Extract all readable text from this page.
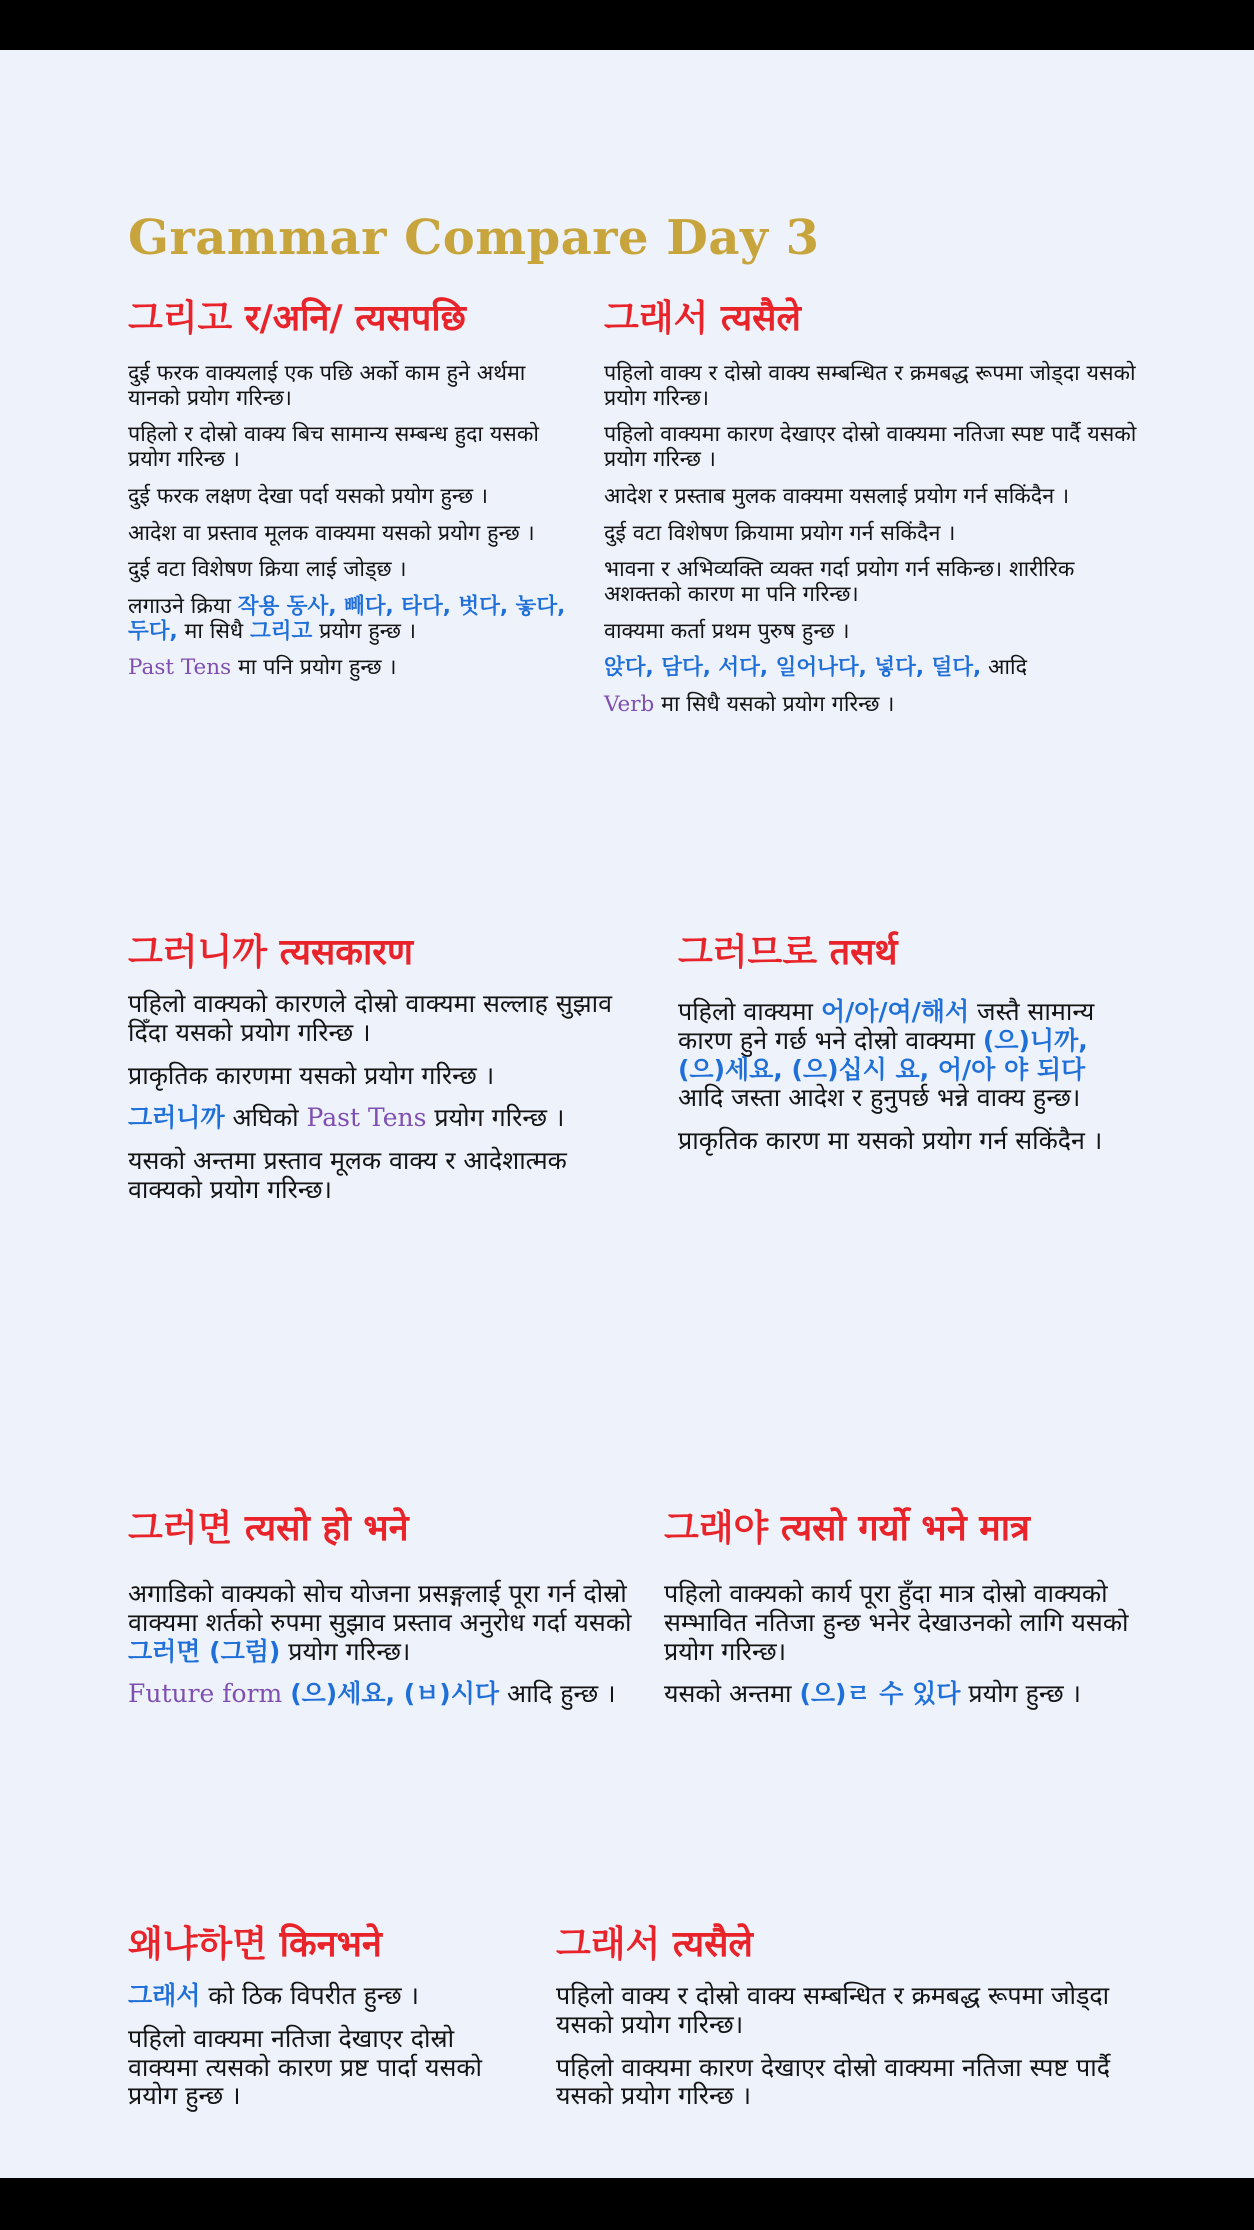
Grammar Compare Day 3
그리고 र/अनि/ त्यसपछि	그래서 त्यसैले

दुई फरक वाक्यलाई एक पछि अर्को काम हुने अर्थमा यानको प्रयोग गरिन्छ।

पहिलो र दोस्रो वाक्य बिच सामान्य सम्बन्ध हुदा यसको प्रयोग गरिन्छ ।

दुई फरक लक्षण देखा पर्दा यसको प्रयोग हुन्छ ।

आदेश वा प्रस्ताव मूलक वाक्यमा यसको प्रयोग हुन्छ ।

दुई वटा विशेषण क्रिया लाई जोड्छ ।

लगाउने क्रिया 작용 동사, 빼다, 타다, 벗다, 놓다, 두다, मा सिधै 그리고 प्रयोग हुन्छ ।

Past Tens मा पनि प्रयोग हुन्छ ।

पहिलो वाक्य र दोस्रो वाक्य सम्बन्धित र क्रमबद्ध रूपमा जोड्दा यसको प्रयोग गरिन्छ।

पहिलो वाक्यमा कारण देखाएर दोस्रो वाक्यमा नतिजा स्पष्ट पार्दै यसको प्रयोग गरिन्छ ।

आदेश र प्रस्ताब मुलक वाक्यमा यसलाई प्रयोग गर्न सकिंदैन ।

दुई वटा विशेषण क्रियामा प्रयोग गर्न सकिंदैन ।

भावना र अभिव्यक्ति व्यक्त गर्दा प्रयोग गर्न सकिन्छ। शारीरिक अशक्तको कारण मा पनि गरिन्छ।

वाक्यमा कर्ता प्रथम पुरुष हुन्छ ।

앉다, 담다, 서다, 일어나다, 넣다, 덜다, आदि

Verb मा सिधै यसको प्रयोग गरिन्छ ।

그러니까 त्यसकारण	그러므로 तसर्थ

पहिलो वाक्यको कारणले दोस्रो वाक्यमा सल्लाह सुझाव दिँदा यसको प्रयोग गरिन्छ ।

प्राकृतिक कारणमा यसको प्रयोग गरिन्छ ।

그러니까 अघिको Past Tens प्रयोग गरिन्छ ।

यसको अन्तमा प्रस्ताव मूलक वाक्य र आदेशात्मक वाक्यको प्रयोग गरिन्छ।

पहिलो वाक्यमा 어/아/여/해서 जस्तै सामान्य कारण हुने गर्छ भने दोस्रो वाक्यमा (으)니까, (으)세요, (으)십시 요, 어/아 야 되다 आदि जस्ता आदेश र हुनुपर्छ भन्ने वाक्य हुन्छ।

प्राकृतिक कारण मा यसको प्रयोग गर्न सकिंदैन ।

그러면 त्यसो हो भने	그래야 त्यसो गर्यो भने मात्र

अगाडिको वाक्यको सोच योजना प्रसङ्गलाई पूरा गर्न दोस्रो वाक्यमा शर्तको रुपमा सुझाव प्रस्ताव अनुरोध गर्दा यसको 그러면 (그럼) प्रयोग गरिन्छ।

Future form (으)세요, (ㅂ)시다 आदि हुन्छ ।

पहिलो वाक्यको कार्य पूरा हुँदा मात्र दोस्रो वाक्यको सम्भावित नतिजा हुन्छ भनेर देखाउनको लागि यसको प्रयोग गरिन्छ।

यसको अन्तमा (으)ㄹ 수 있다 प्रयोग हुन्छ ।

왜냐하면 किनभने	그래서 त्यसैले

그래서 को ठिक विपरीत हुन्छ ।

पहिलो वाक्यमा नतिजा देखाएर दोस्रो वाक्यमा त्यसको कारण प्रष्ट पार्दा यसको प्रयोग हुन्छ ।

पहिलो वाक्य र दोस्रो वाक्य सम्बन्धित र क्रमबद्ध रूपमा जोड्दा यसको प्रयोग गरिन्छ।

पहिलो वाक्यमा कारण देखाएर दोस्रो वाक्यमा नतिजा स्पष्ट पार्दै यसको प्रयोग गरिन्छ ।
